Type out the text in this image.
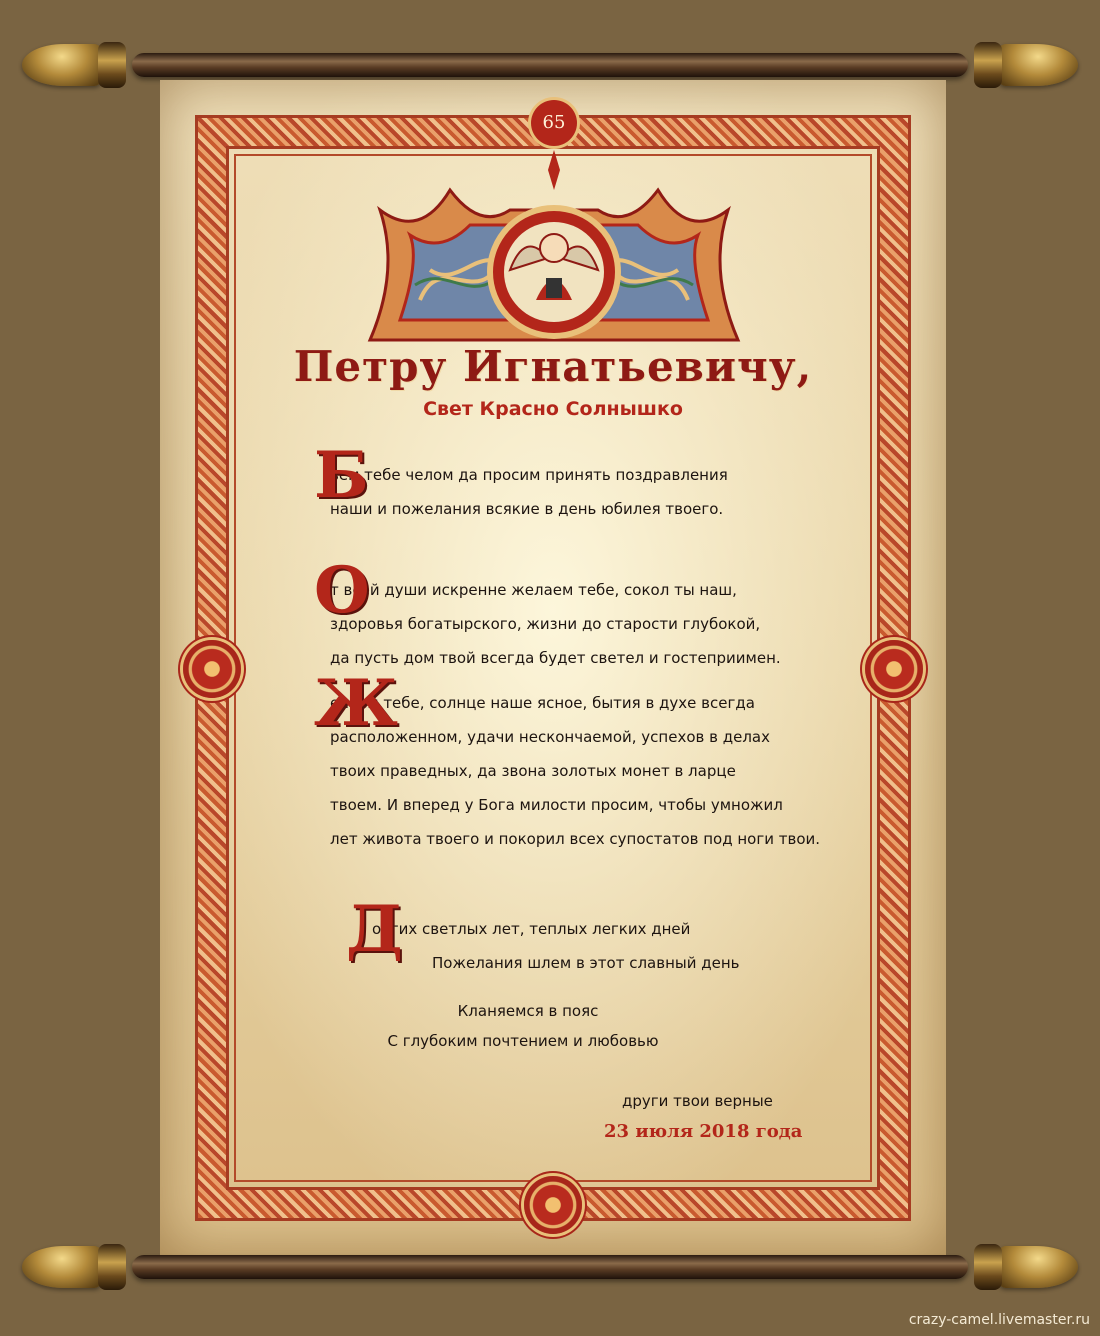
65
Петру Игнатьевичу,
Свет Красно Солнышко
Б
ьем тебе челом да просим принять поздравления
наши и пожелания всякие в день юбилея твоего.
О
т всей души искренне желаем тебе, сокол ты наш,
здоровья богатырского, жизни до старости глубокой,
да пусть дом твой всегда будет светел и гостеприимен.
Ж
елаем тебе, солнце наше ясное, бытия в духе всегда
расположенном, удачи нескончаемой, успехов в делах
твоих праведных, да звона золотых монет в ларце
твоем. И вперед у Бога милости просим, чтобы умножил
лет живота твоего и покорил всех супостатов под ноги твои.
Д
олгих светлых лет, теплых легких дней
Пожелания шлем в этот славный день
Кланяемся в пояс
С глубоким почтением и любовью
други твои верные
23 июля 2018 года
crazy-camel.livemaster.ru
